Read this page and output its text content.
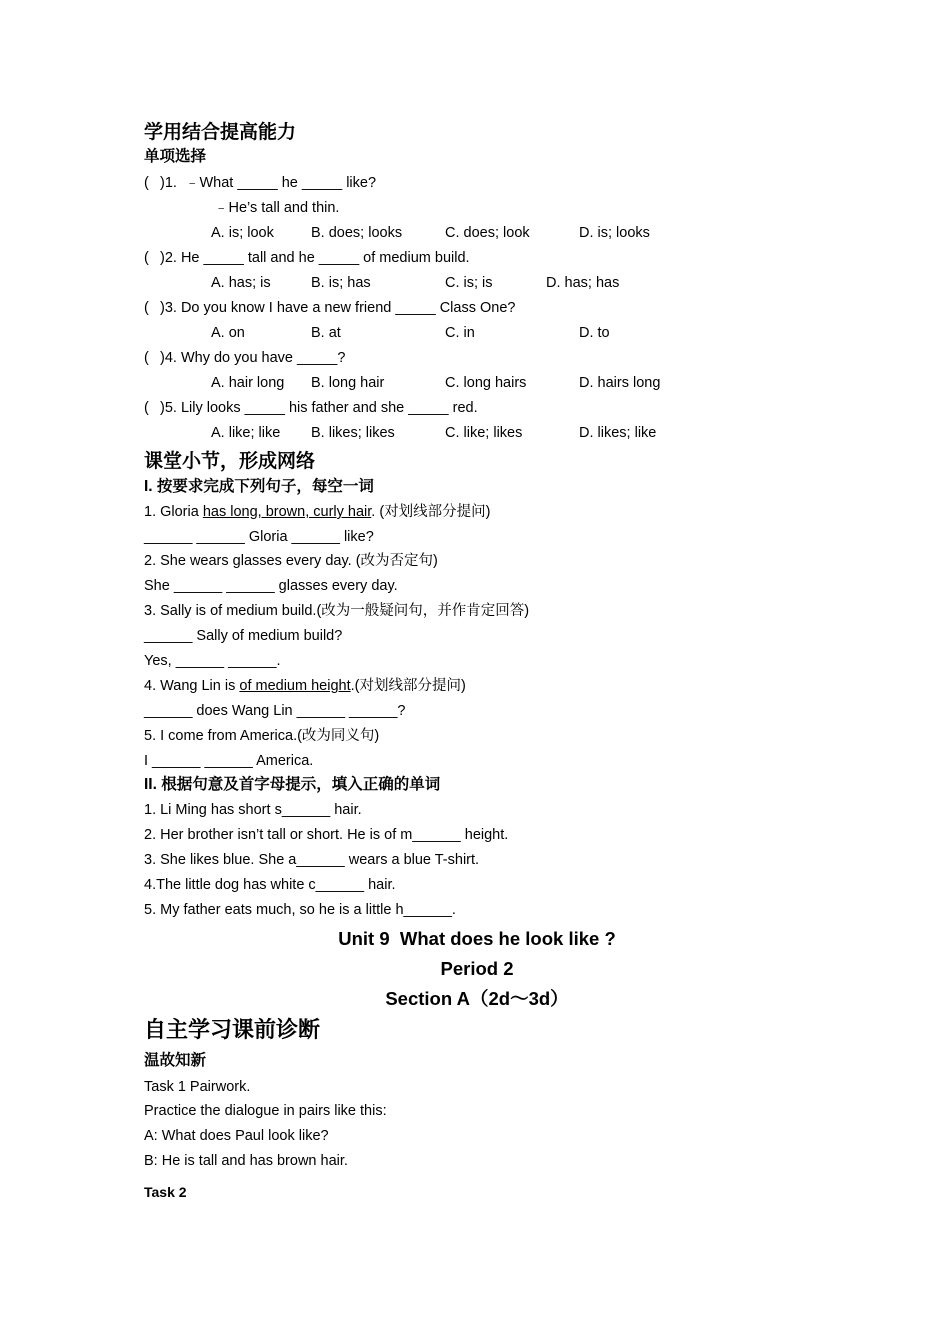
学用结合提高能力
单项选择
( )1.  ﹣What _____ he _____ like?
﹣He’s tall and thin.
A. is; look	B. does; looks	C. does; look	D. is; looks
( )2. He _____ tall and he _____ of medium build.
A. has; is	B. is; has	C. is; is	D. has; has
( )3. Do you know I have a new friend _____ Class One?
A. on	B. at	C. in	D. to
( )4. Why do you have _____?
A. hair long B. long hair	C. long hairs	D. hairs long
( )5. Lily looks _____ his father and she _____ red.
A. like; like B. likes; likes	C. like; likes	D. likes; like
课堂小节，形成网络
I. 按要求完成下列句子，每空一词
1. Gloria has long, brown, curly hair. (对划线部分提问)
______ ______ Gloria ______ like?
2. She wears glasses every day. (改为否定句)
She ______ ______ glasses every day.
3. Sally is of medium build.(改为一般疑问句，并作肯定回答)
______ Sally of medium build?
Yes, ______ ______.
4. Wang Lin is of medium height.(对划线部分提问)
______ does Wang Lin ______ ______?
5. I come from America.(改为同义句)
I ______ ______ America.
II. 根据句意及首字母提示，填入正确的单词
1. Li Ming has short s______ hair.
2. Her brother isn’t tall or short. He is of m______ height.
3. She likes blue. She a______ wears a blue T-shirt.
4.The little dog has white c______ hair.
5. My father eats much, so he is a little h______.
Unit 9  What does he look like ?
Period 2
Section A（2d～3d）
自主学习课前诊断
温故知新
Task 1 Pairwork.
Practice the dialogue in pairs like this:
A: What does Paul look like?
B: He is tall and has brown hair.
Task 2
